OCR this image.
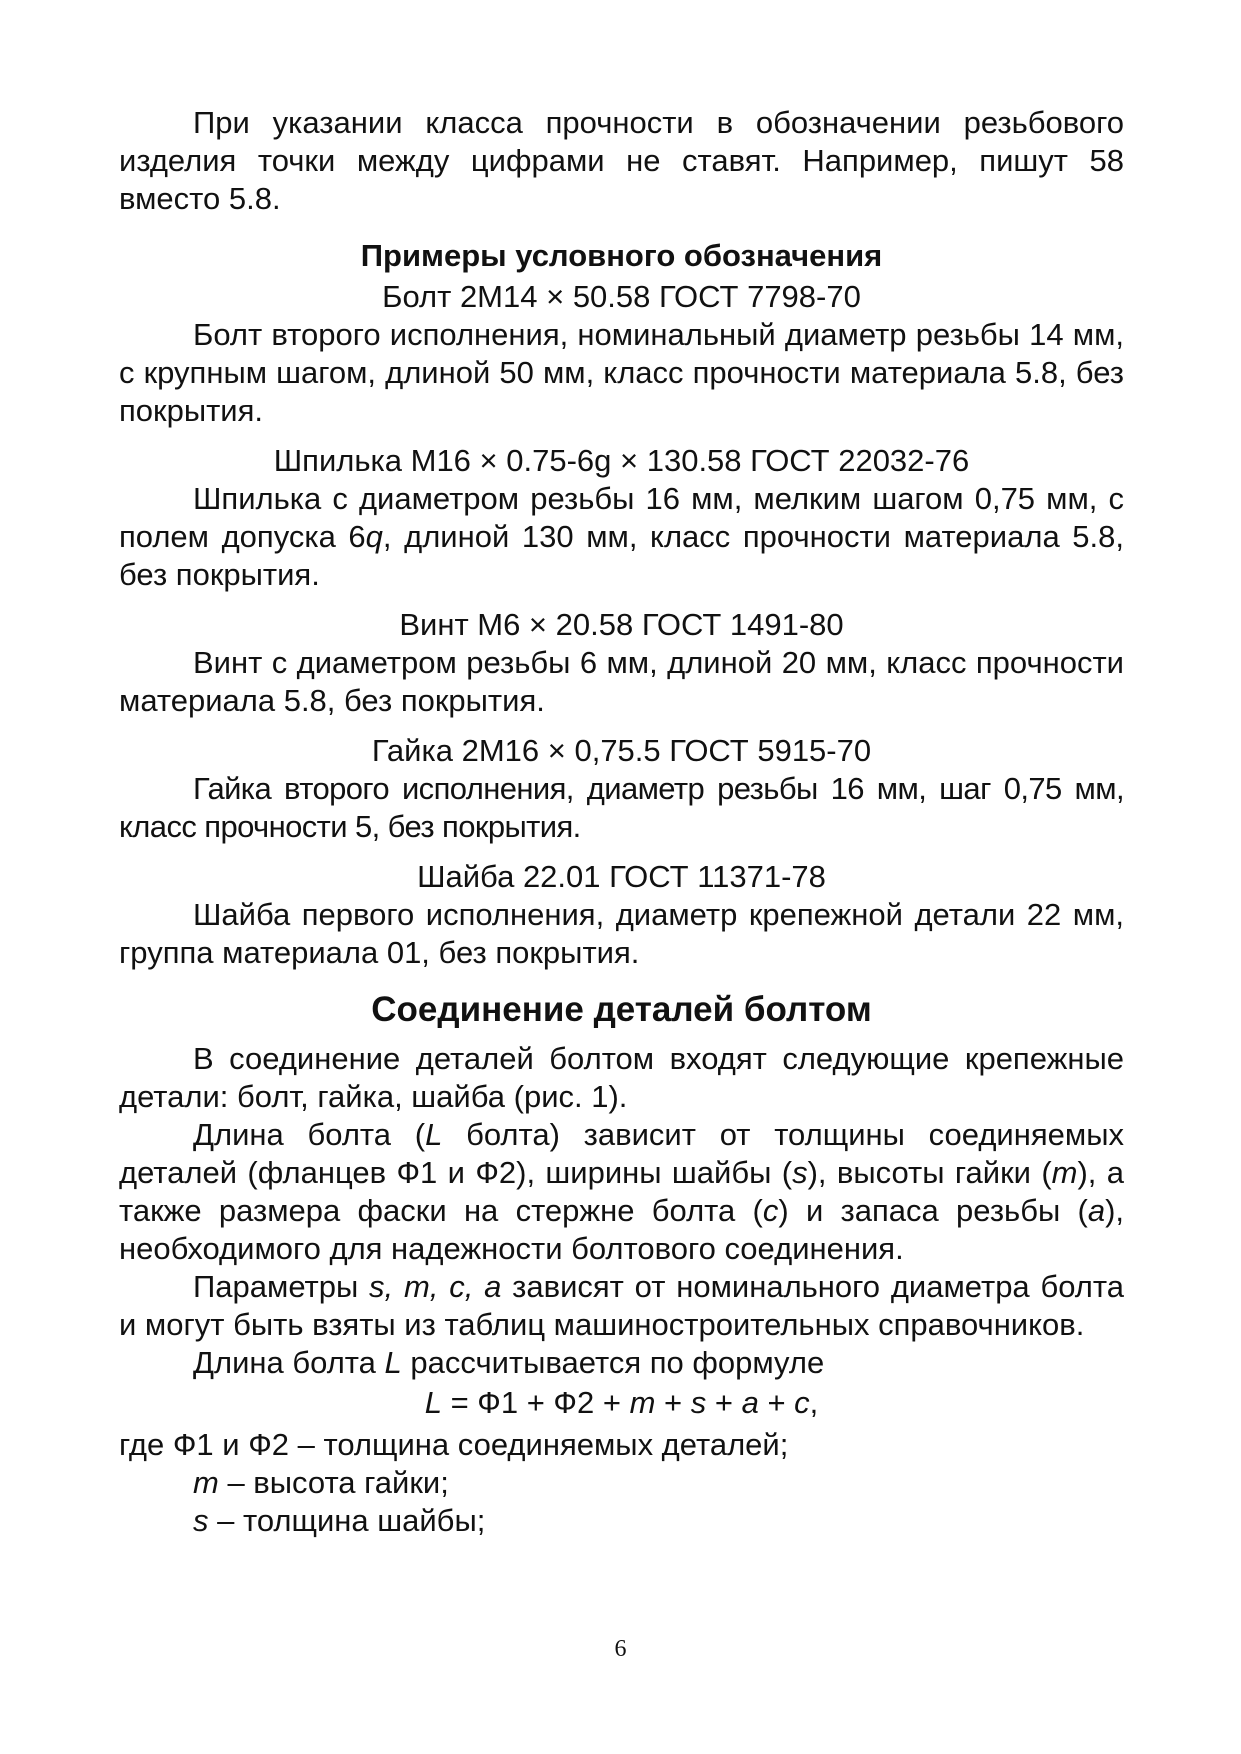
При указании класса прочности в обозначении резьбового изделия точки между цифрами не ставят. Например, пишут 58 вместо 5.8.

Примеры условного обозначения
Болт 2М14 × 50.58 ГОСТ 7798-70

Болт второго исполнения, номинальный диаметр резьбы 14 мм, с крупным шагом, длиной 50 мм, класс прочности материала 5.8, без покрытия.

Шпилька М16 × 0.75-6g × 130.58 ГОСТ 22032-76

Шпилька с диаметром резьбы 16 мм, мелким шагом 0,75 мм, с полем допуска 6q, длиной 130 мм, класс прочности материала 5.8, без покрытия.

Винт М6 × 20.58 ГОСТ 1491-80

Винт с диаметром резьбы 6 мм, длиной 20 мм, класс прочности материала 5.8, без покрытия.

Гайка 2М16 × 0,75.5 ГОСТ 5915-70

Гайка второго исполнения, диаметр резьбы 16 мм, шаг 0,75 мм, класс прочности 5, без покрытия.

Шайба 22.01 ГОСТ 11371-78

Шайба первого исполнения, диаметр крепежной детали 22 мм, группа материала 01, без покрытия.

Соединение деталей болтом

В соединение деталей болтом входят следующие крепежные детали: болт, гайка, шайба (рис. 1).

Длина болта (L болта) зависит от толщины соединяемых деталей (фланцев Ф1 и Ф2), ширины шайбы (s), высоты гайки (m), а также размера фаски на стержне болта (c) и запаса резьбы (a), необходимого для надежности болтового соединения.

Параметры s, m, c, a зависят от номинального диаметра болта и могут быть взяты из таблиц машиностроительных справочников.

Длина болта L рассчитывается по формуле

L = Ф1 + Ф2 + m + s + a + c,
где Ф1 и Ф2 – толщина соединяемых деталей;
m – высота гайки;
s – толщина шайбы;
6
